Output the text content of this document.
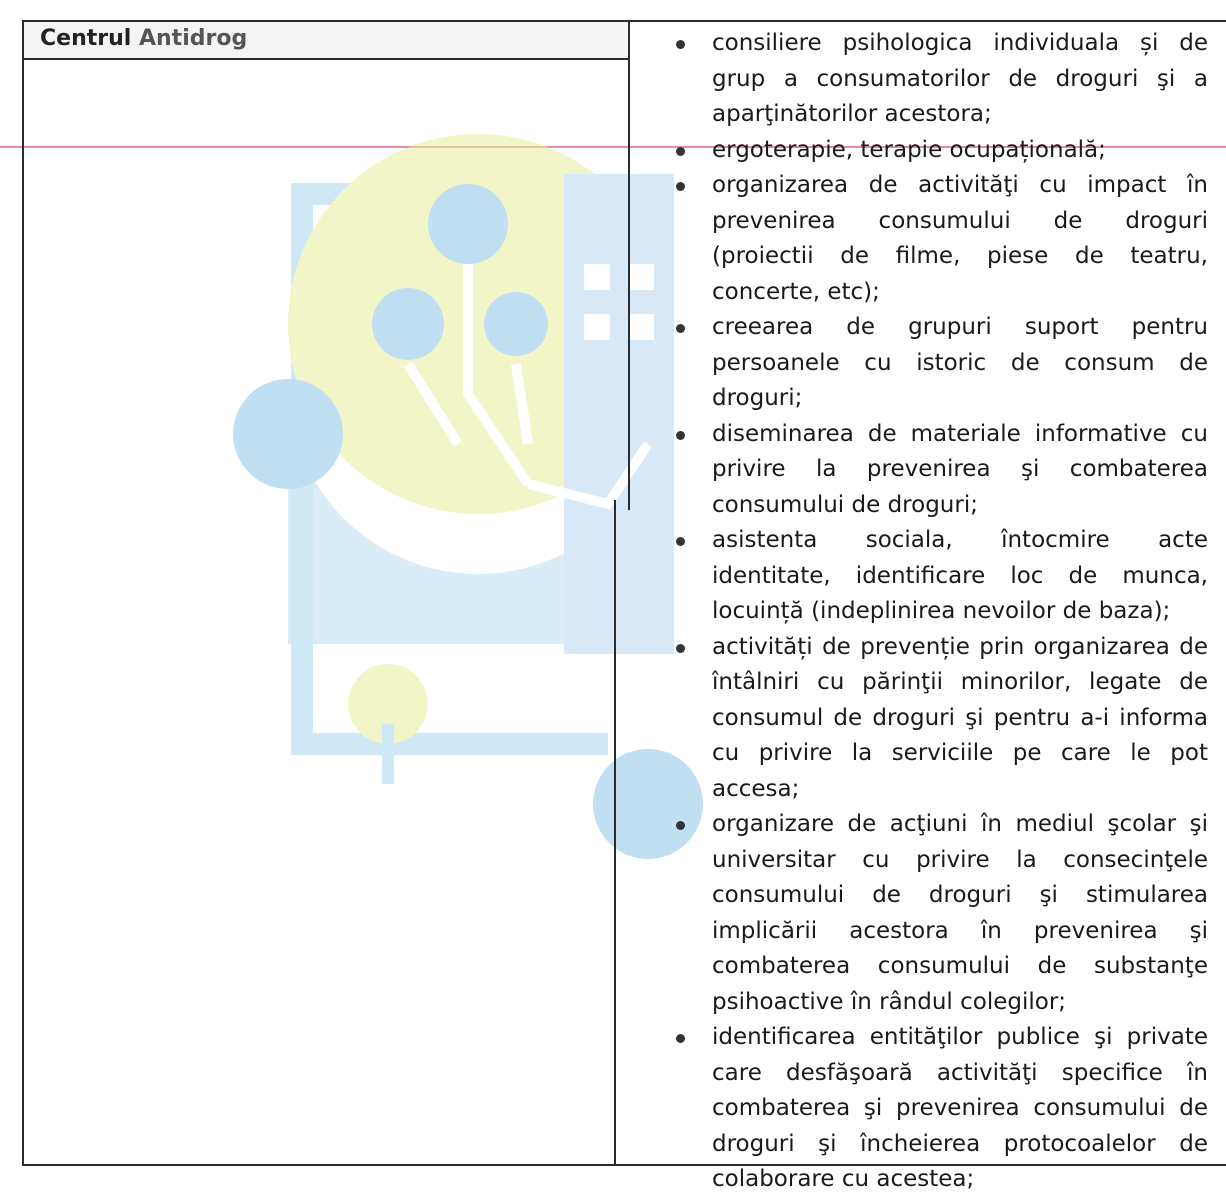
Centrul Antidrog	consiliere psihologica individuala și de grup a consumatorilor de droguri şi a aparţinătorilor acestora;
ergoterapie, terapie ocupațională;
organizarea de activităţi cu impact în prevenirea consumului de droguri (proiectii de filme, piese de teatru, concerte, etc);
creearea de grupuri suport pentru persoanele cu istoric de consum de droguri;
diseminarea de materiale informative cu privire la prevenirea şi combaterea consumului de droguri;
asistenta sociala, întocmire acte identitate, identificare loc de munca, locuință (indeplinirea nevoilor de baza);
activități de prevenție prin organizarea de întâlniri cu părinţii minorilor, legate de consumul de droguri şi pentru a-i informa cu privire la serviciile pe care le pot accesa;
organizare de acţiuni în mediul şcolar şi universitar cu privire la consecinţele consumului de droguri şi stimularea implicării acestora în prevenirea şi combaterea consumului de substanţe psihoactive în rândul colegilor;
identificarea entităţilor publice şi private care desfăşoară activităţi specifice în combaterea şi prevenirea consumului de droguri şi încheierea protocoalelor de colaborare cu acestea;
